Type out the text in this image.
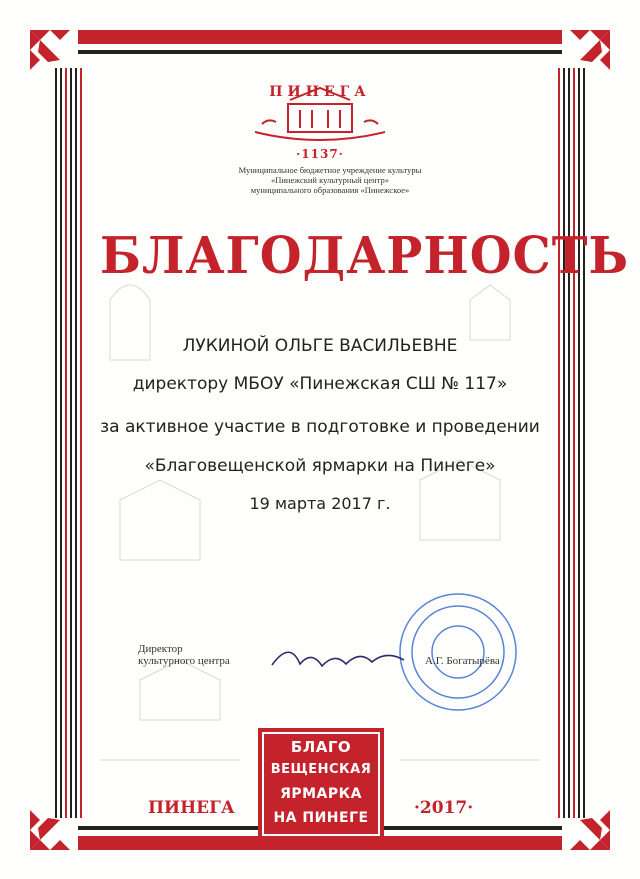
ПИНЕГА
·1137·
Муниципальное бюджетное учреждение культуры
«Пинежский культурный центр»
муниципального образования «Пинежское»
БЛАГОДАРНОСТЬ
ЛУКИНОЙ ОЛЬГЕ ВАСИЛЬЕВНЕ
директору МБОУ «Пинежская СШ № 117»
за активное участие в подготовке и проведении
«Благовещенской ярмарки на Пинеге»
19 марта 2017 г.
Директор
культурного центра	А.Г. Богатырёва
БЛАГО
ВЕЩЕНСКАЯ
ЯРМАРКА
НА ПИНЕГЕ
ПИНЕГА	·2017·
